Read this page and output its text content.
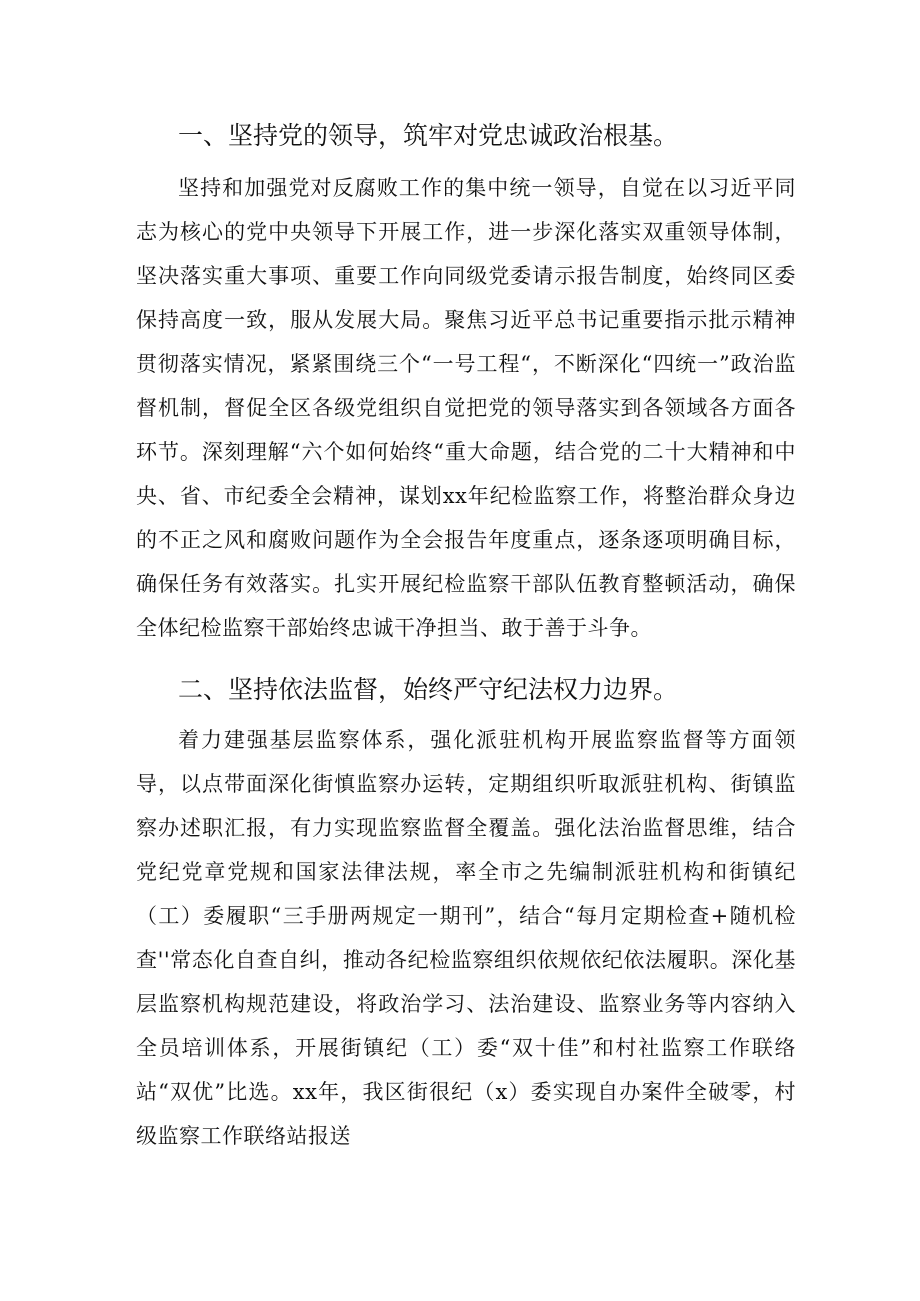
一、坚持党的领导，筑牢对党忠诚政治根基。

坚持和加强党对反腐败工作的集中统一领导，自觉在以习近平同志为核心的党中央领导下开展工作，进一步深化落实双重领导体制，坚决落实重大事项、重要工作向同级党委请示报告制度，始终同区委保持高度一致，服从发展大局。聚焦习近平总书记重要指示批示精神贯彻落实情况，紧紧围绕三个“一号工程“，不断深化“四统一”政治监督机制，督促全区各级党组织自觉把党的领导落实到各领域各方面各环节。深刻理解“六个如何始终“重大命题，结合党的二十大精神和中央、省、市纪委全会精神，谋划xx年纪检监察工作，将整治群众身边的不正之风和腐败问题作为全会报告年度重点，逐条逐项明确目标，确保任务有效落实。扎实开展纪检监察干部队伍教育整顿活动，确保全体纪检监察干部始终忠诚干净担当、敢于善于斗争。

二、坚持依法监督，始终严守纪法权力边界。

着力建强基层监察体系，强化派驻机构开展监察监督等方面领导，以点带面深化街慎监察办运转，定期组织听取派驻机构、街镇监察办述职汇报，有力实现监察监督全覆盖。强化法治监督思维，结合党纪党章党规和国家法律法规，率全市之先编制派驻机构和街镇纪（工）委履职“三手册两规定一期刊”，结合“每月定期检查+随机检查''常态化自查自纠，推动各纪检监察组织依规依纪依法履职。深化基层监察机构规范建设，将政治学习、法治建设、监察业务等内容纳入全员培训体系，开展街镇纪（工）委“双十佳”和村社监察工作联络站“双优”比选。xx年，我区街很纪（x）委实现自办案件全破零，村级监察工作联络站报送
